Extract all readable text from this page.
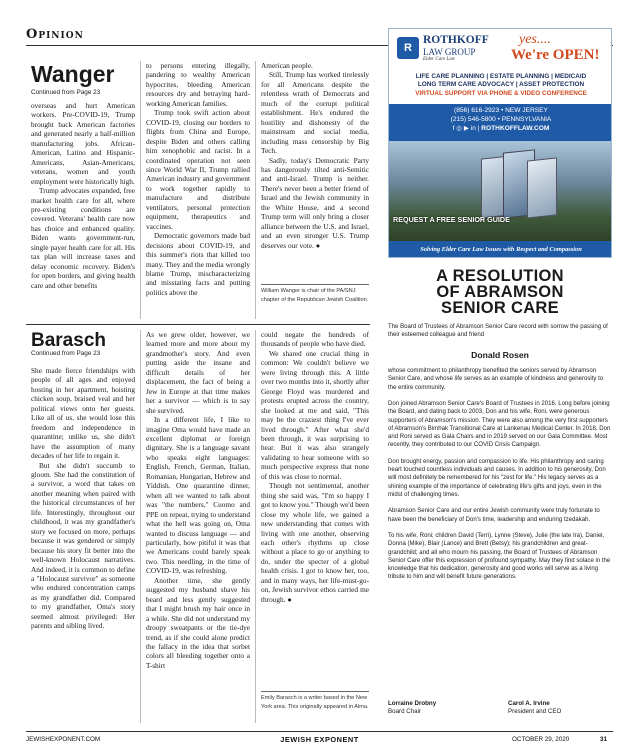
Opinion
Wanger
Continued from Page 23

overseas and hurt American workers. Pre-COVID-19, Trump brought back American factories and generated nearly a half-million manufacturing jobs. African-American, Latino and Hispanic-Americans, Asian-Americans, veterans, women and youth employment were historically high.

Trump advocates expanded, free market health care for all, where pre-existing conditions are covered. Veterans' health care now has choice and enhanced quality. Biden wants government-run, single payer health care for all. His tax plan will increase taxes and delay economic recovery. Biden's for open borders, and giving health care and other benefits

to persons entering illegally, pandering to wealthy American hypocrites, bleeding American resources dry and betraying hard-working American families.

Trump took swift action about COVID-19, closing our borders to flights from China and Europe, despite Biden and others calling him xenophobic and racist. In a coordinated operation not seen since World War II, Trump rallied American industry and government to work together rapidly to manufacture and distribute ventilators, personal protection equipment, therapeutics and vaccines.

Democratic governors made bad decisions about COVID-19, and this summer's riots that killed too many. They and the media wrongly blame Trump, mischaracterizing and misstating facts and putting politics above the

American people.

Still, Trump has worked tirelessly for all Americans despite the relentless wrath of Democrats and much of the corrupt political establishment. He's endured the hostility and dishonesty of the mainstream and social media, including mass censorship by Big Tech.

Sadly, today's Democratic Party has dangerously tilted anti-Semitic and anti-Israel. Trump is neither. There's never been a better friend of Israel and the Jewish community in the White House, and a second Trump term will only bring a closer alliance between the U.S. and Israel, and an even stronger U.S. Trump deserves our vote. ●

William Wanger is chair of the PA/SNJ chapter of the Republican Jewish Coalition.
Barasch
Continued from Page 23

She made fierce friendships with people of all ages and enjoyed hosting in her apartment, hoisting chicken soup, braised veal and her political views onto her guests. Like all of us, she would lose this freedom and independence in quarantine; unlike us, she didn't have the assumption of many decades of her life to regain it.

But she didn't succumb to gloom. She had the constitution of a survivor, a word that takes on another meaning when paired with the historical circumstances of her life. Interestingly, throughout our childhood, it was my grandfather's story we focused on more, perhaps because it was gendered or simply because his story fit better into the well-known Holocaust narratives. And indeed, it is common to define a "Holocaust survivor" as someone who endured concentration camps as my grandfather did. Compared to my grandfather, Oma's story seemed almost privileged: Her parents and sibling lived.

As we grew older, however, we learned more and more about my grandmother's story. And even putting aside the insane and difficult details of her displacement, the fact of being a Jew in Europe at that time makes her a survivor — which is to say she survived.

In a different life, I like to imagine Oma would have made an excellent diplomat or foreign dignitary. She is a language savant who speaks eight languages: English, French, German, Italian, Romanian, Hungarian, Hebrew and Yiddish. One quarantine dinner, when all we wanted to talk about was "the numbers," Cuomo and PPE on repeat, trying to understand what the hell was going on, Oma wanted to discuss language — and particularly, how pitiful it was that we Americans could barely speak two. This needling, in the time of COVID-19, was refreshing.

Another time, she gently suggested my husband shave his beard and less gently suggested that I might brush my hair once in a while. She did not understand my droopy sweatpants or the tie-dye trend, as if she could alone predict the fallacy in the idea that sorbet colors all bleeding together onto a T-shirt

could negate the hundreds of thousands of people who have died.

We shared one crucial thing in common: We couldn't believe we were living through this. A little over two months into it, shortly after George Floyd was murdered and protests erupted across the country, she looked at me and said, "This may be the craziest thing I've ever lived through." After what she'd been through, it was surprising to hear. But it was also strangely validating to hear someone with so much perspective express that none of this was close to normal.

Though not sentimental, another thing she said was, "I'm so happy I got to know you." Though we'd been close my whole life, we gained a new understanding that comes with living with one another, observing each other's rhythms up close without a place to go or anything to do, under the specter of a global health crisis. I got to know her, too, and in many ways, her life-must-go-on, Jewish survivor ethos carried me through. ●

Emily Barasch is a writer based in the New York area. This originally appeared in Alma.
R
ROTHKOFF
LAW GROUP
Elder Care Law
yes....
We're OPEN!
LIFE CARE PLANNING | ESTATE PLANNING | MEDICAID
LONG TERM CARE ADVOCACY | ASSET PROTECTION
VIRTUAL SUPPORT VIA PHONE & VIDEO CONFERENCE
(856) 616-2923 • NEW JERSEY
(215) 546-5800 • PENNSYLVANIA
f ◎ ▶ in | ROTHKOFFLAW.COM
REQUEST A FREE SENIOR GUIDE
Solving Elder Care Law Issues with Respect and Compassion
A RESOLUTION
OF ABRAMSON
SENIOR CARE
The Board of Trustees of Abramson Senior Care record with sorrow the passing of their esteemed colleague and friend
Donald Rosen

whose commitment to philanthropy benefited the seniors served by Abramson Senior Care, and whose life serves as an example of kindness and generosity to the entire community.

Don joined Abramson Senior Care's Board of Trustees in 2016. Long before joining the Board, and dating back to 2003, Don and his wife, Roni, were generous supporters of Abramson's mission. They were also among the very first supporters of Abramson's Bimhak Transitional Care at Lankenau Medical Center. In 2018, Don and Roni served as Gala Chairs and in 2019 served on our Gala Committee. Most recently, they contributed to our COVID Crisis Campaign.

Don brought energy, passion and compassion to life. His philanthropy and caring heart touched countless individuals and causes. In addition to his generosity, Don will most definitely be remembered for his "zest for life." His legacy serves as a shining example of the importance of celebrating life's gifts and joys, even in the midst of challenging times.

Abramson Senior Care and our entire Jewish community were truly fortunate to have been the beneficiary of Don's time, leadership and enduring tzedakah.

To his wife, Roni; children David (Terri), Lynne (Steve), Julie (the late Ira), Daniel, Donna (Mike), Blair (Lance) and Brett (Betsy); his grandchildren and great-grandchild; and all who mourn his passing, the Board of Trustees of Abramson Senior Care offer this expression of profound sympathy. May they find solace in the knowledge that his dedication, generosity and good works will serve as a living tribute to him and will benefit future generations.

Lorraine Drobny
Board Chair
Carol A. Irvine
President and CEO
JEWISHEXPONENT.COM	JEWISH EXPONENT	OCTOBER 29, 2020	31
